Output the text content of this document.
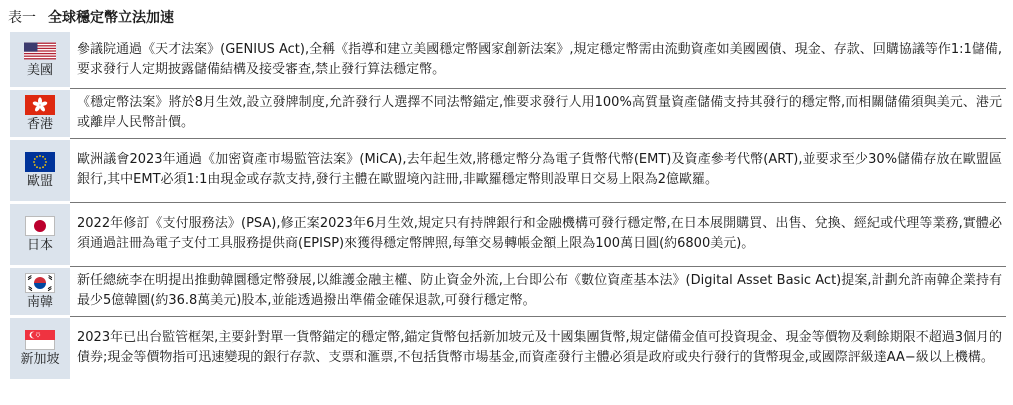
表一 全球穩定幣立法加速
美國	參議院通過《天才法案》(GENIUS Act),全稱《指導和建立美國穩定幣國家創新法案》,規定穩定幣需由流動資產如美國國債、現金、存款、回購協議等作1:1儲備,要求發行人定期披露儲備結構及接受審查,禁止發行算法穩定幣。

香港	《穩定幣法案》將於8月生效,設立發牌制度,允許發行人選擇不同法幣錨定,惟要求發行人用100%高質量資產儲備支持其發行的穩定幣,而相關儲備須與美元、港元或離岸人民幣計價。

歐盟	歐洲議會2023年通過《加密資產市場監管法案》(MiCA),去年起生效,將穩定幣分為電子貨幣代幣(EMT)及資產參考代幣(ART),並要求至少30%儲備存放在歐盟區銀行,其中EMT必須1:1由現金或存款支持,發行主體在歐盟境內註冊,非歐羅穩定幣則設單日交易上限為2億歐羅。

日本	2022年修訂《支付服務法》(PSA),修正案2023年6月生效,規定只有持牌銀行和金融機構可發行穩定幣,在日本展開購買、出售、兌換、經紀或代理等業務,實體必須通過註冊為電子支付工具服務提供商(EPISP)來獲得穩定幣牌照,每筆交易轉帳金額上限為100萬日圓(約6800美元)。

南韓	新任總統李在明提出推動韓圜穩定幣發展,以維護金融主權、防止資金外流,上台即公布《數位資產基本法》(Digital Asset Basic Act)提案,計劃允許南韓企業持有最少5億韓圜(約36.8萬美元)股本,並能透過撥出準備金確保退款,可發行穩定幣。

新加坡	2023年已出台監管框架,主要針對單一貨幣錨定的穩定幣,錨定貨幣包括新加坡元及十國集團貨幣,規定儲備金值可投資現金、現金等價物及剩餘期限不超過3個月的債券;現金等價物指可迅速變現的銀行存款、支票和滙票,不包括貨幣市場基金,而資產發行主體必須是政府或央行發行的貨幣現金,或國際評級達AA−級以上機構。
